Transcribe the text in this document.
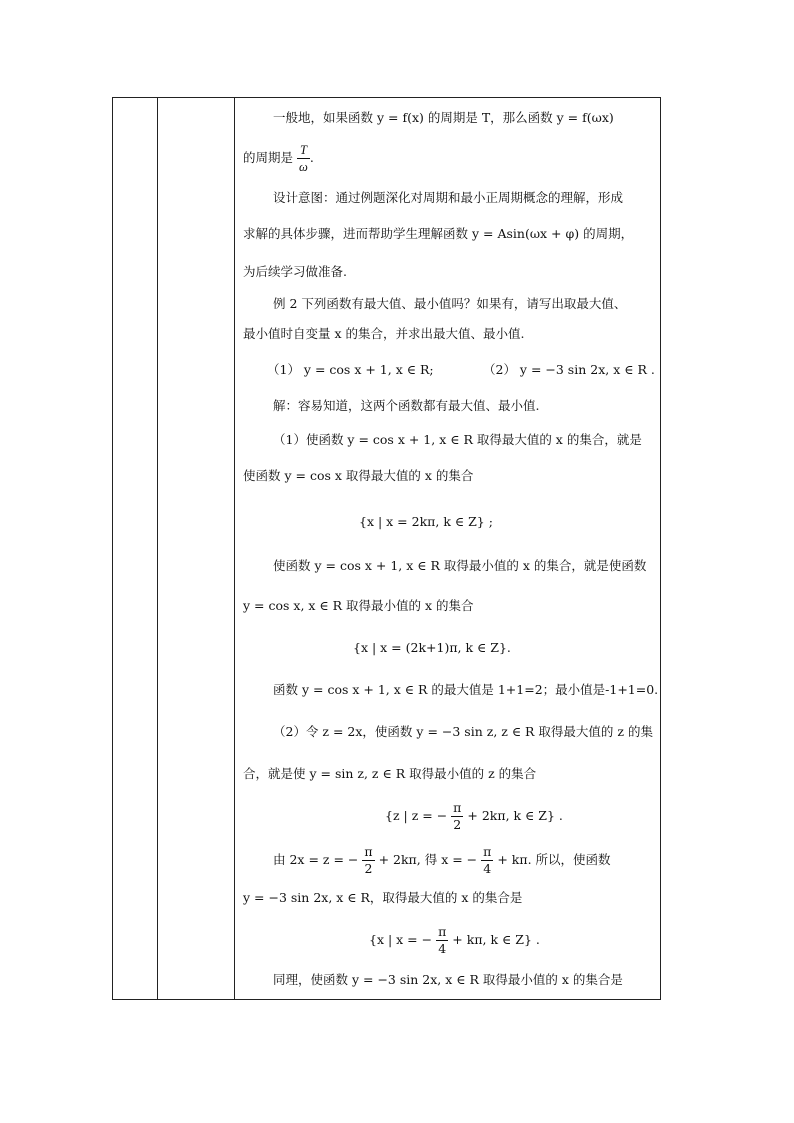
一般地，如果函数 y = f(x) 的周期是 T，那么函数 y = f(ωx)
的周期是 $\frac{T}{\omega}$ .
设计意图：通过例题深化对周期和最小正周期概念的理解，形成
求解的具体步骤，进而帮助学生理解函数 y = Asin(ωx + φ) 的周期，
为后续学习做准备.
例 2 下列函数有最大值、最小值吗？如果有，请写出取最大值、
最小值时自变量 x 的集合，并求出最大值、最小值.
（1） y = cos x + 1, x ∈ R;	（2） y = −3 sin 2x, x ∈ R .
解：容易知道，这两个函数都有最大值、最小值.
（1）使函数 y = cos x + 1, x ∈ R 取得最大值的 x 的集合，就是
使函数 y = cos x 取得最大值的 x 的集合
{x | x = 2kπ, k ∈ Z} ;
使函数 y = cos x + 1, x ∈ R 取得最小值的 x 的集合，就是使函数
y = cos x, x ∈ R 取得最小值的 x 的集合
{x | x = (2k+1)π, k ∈ Z}.
函数 y = cos x + 1, x ∈ R 的最大值是 1+1=2；最小值是-1+1=0.
（2）令 z = 2x，使函数 y = −3 sin z, z ∈ R 取得最大值的 z 的集
合，就是使 y = sin z, z ∈ R 取得最小值的 z 的集合
{z | z = − $\frac{\pi}{2} + 2k\pi$, k ∈ Z} .
由 2x = z = − $\frac{\pi}{2} + 2k\pi$, 得 x = − $\frac{\pi}{4} + k\pi$. 所以，使函数
y = −3 sin 2x, x ∈ R，取得最大值的 x 的集合是
{x | x = − $\frac{\pi}{4} + k\pi$, k ∈ Z} .
同理，使函数 y = −3 sin 2x, x ∈ R 取得最小值的 x 的集合是
